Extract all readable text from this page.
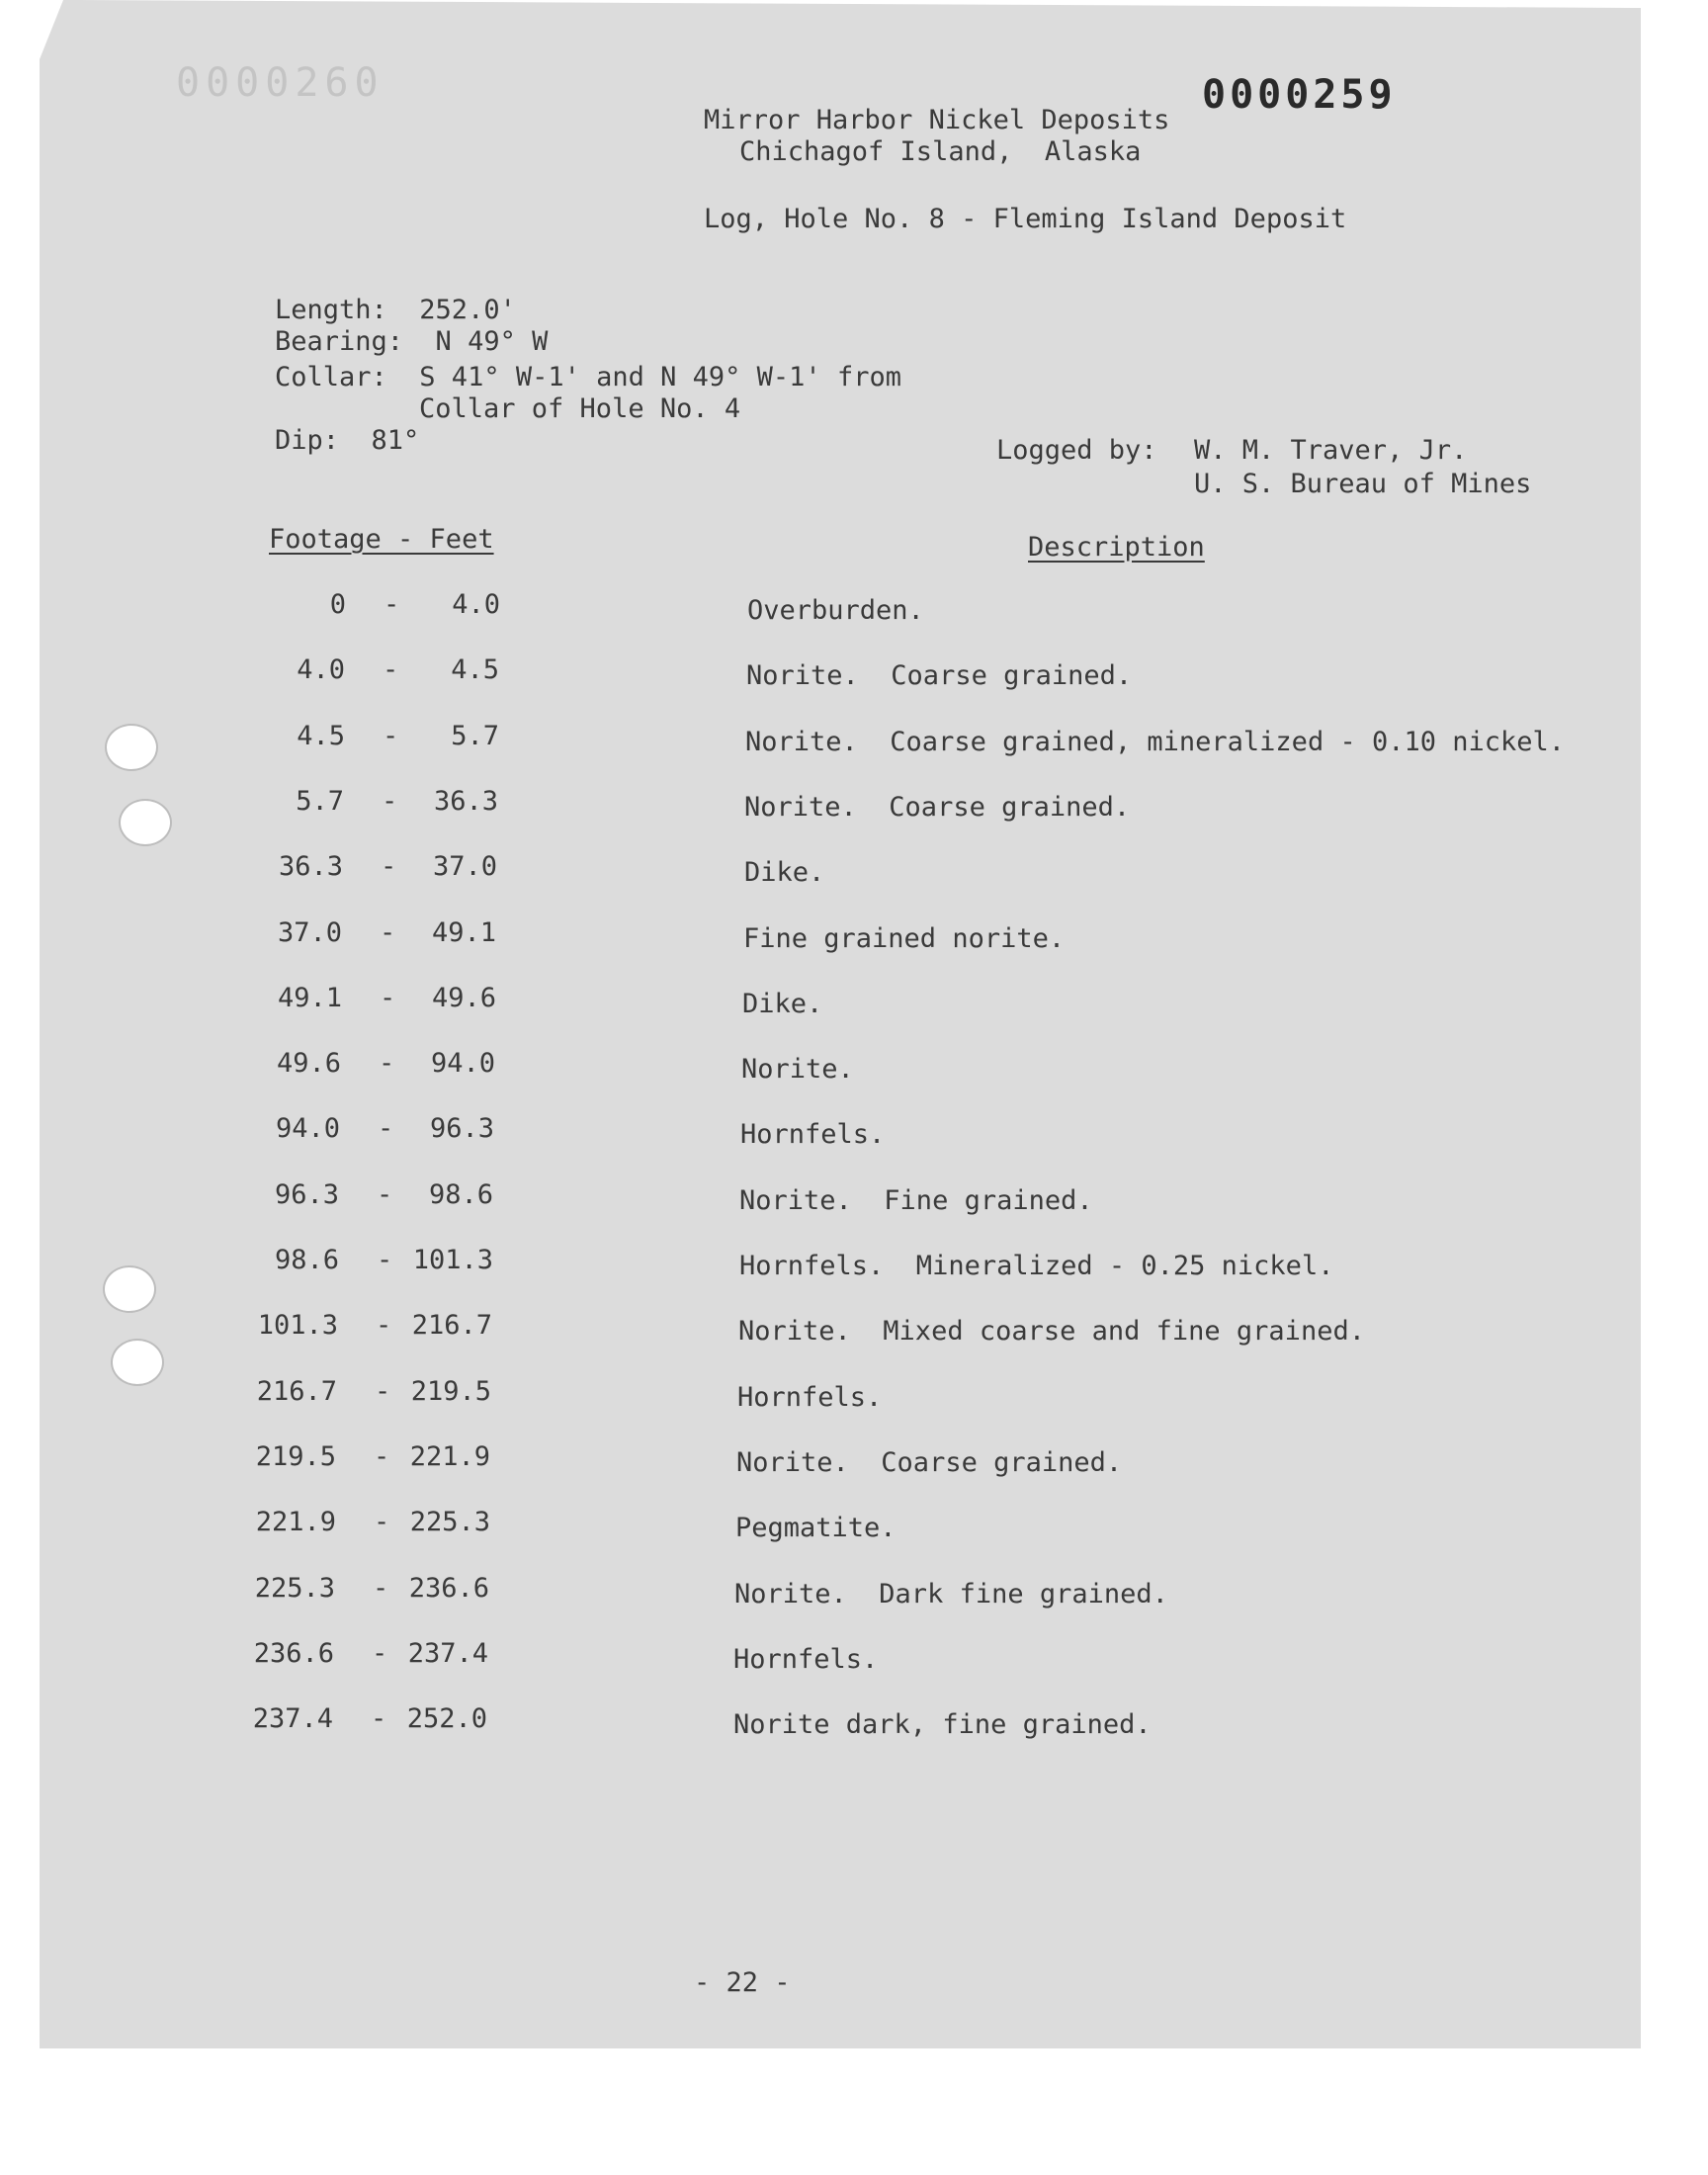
0000260	0000259
Mirror Harbor Nickel Deposits
Chichagof Island,  Alaska
Log, Hole No. 8 - Fleming Island Deposit
Length:  252.0'
Bearing:  N 49° W
Collar:  S 41° W-1' and N 49° W-1' from
Collar of Hole No. 4
Dip:  81°	Logged by: W. M. Traver, Jr.
U. S. Bureau of Mines
Footage - Feet	Description
0 -	4.0	Overburden.
4.0 -	4.5	Norite.  Coarse grained.
4.5 -	5.7	Norite.  Coarse grained, mineralized - 0.10 nickel.
5.7 -	36.3	Norite.  Coarse grained.
36.3 -	37.0	Dike.
37.0 -	49.1	Fine grained norite.
49.1 -	49.6	Dike.
49.6 -	94.0	Norite.
94.0 -	96.3	Hornfels.
96.3 -	98.6	Norite.  Fine grained.
98.6 - 101.3	Hornfels.  Mineralized - 0.25 nickel.
101.3 - 216.7	Norite.  Mixed coarse and fine grained.
216.7 - 219.5	Hornfels.
219.5 - 221.9	Norite.  Coarse grained.
221.9 - 225.3	Pegmatite.
225.3 - 236.6	Norite.  Dark fine grained.
236.6 - 237.4	Hornfels.
237.4 - 252.0	Norite dark, fine grained.
- 22 -
